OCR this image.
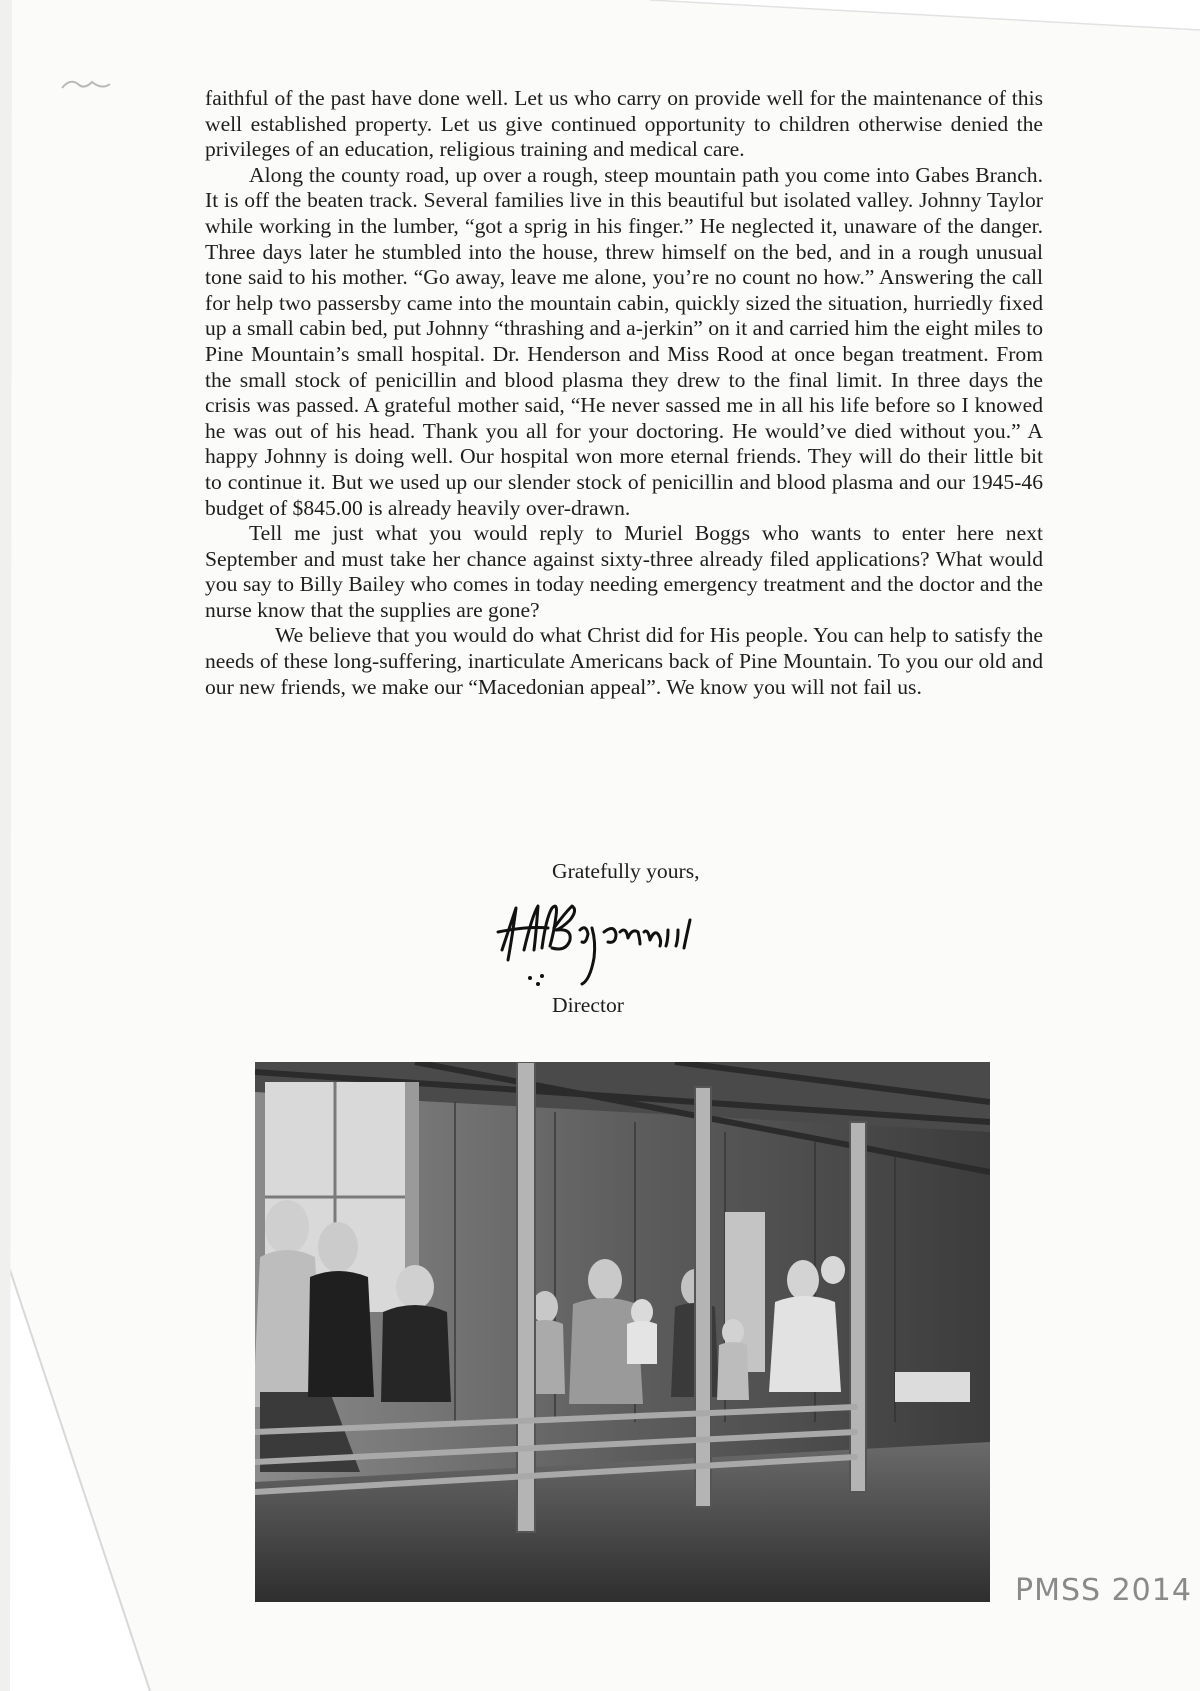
faithful of the past have done well. Let us who carry on provide well for the maintenance of this well established property. Let us give continued opportunity to children otherwise denied the privileges of an education, religious training and medical care.

Along the county road, up over a rough, steep mountain path you come into Gabes Branch. It is off the beaten track. Several families live in this beautiful but isolated valley. Johnny Taylor while working in the lumber, “got a sprig in his finger.” He neglected it, unaware of the danger. Three days later he stumbled into the house, threw himself on the bed, and in a rough unusual tone said to his mother. “Go away, leave me alone, you’re no count no how.” Answering the call for help two passersby came into the mountain cabin, quickly sized the situation, hurriedly fixed up a small cabin bed, put Johnny “thrashing and a-jerkin” on it and carried him the eight miles to Pine Mountain’s small hospital. Dr. Henderson and Miss Rood at once began treatment. From the small stock of penicillin and blood plasma they drew to the final limit. In three days the crisis was passed. A grateful mother said, “He never sassed me in all his life before so I knowed he was out of his head. Thank you all for your doctoring. He would’ve died without you.” A happy Johnny is doing well. Our hospital won more eternal friends. They will do their little bit to continue it. But we used up our slender stock of penicillin and blood plasma and our 1945-46 budget of $845.00 is already heavily over-drawn.

Tell me just what you would reply to Muriel Boggs who wants to enter here next September and must take her chance against sixty-three already filed applications? What would you say to Billy Bailey who comes in today needing emergency treatment and the doctor and the nurse know that the supplies are gone?

We believe that you would do what Christ did for His people. You can help to satisfy the needs of these long-suffering, inarticulate Americans back of Pine Mountain. To you our old and our new friends, we make our “Macedonian appeal”. We know you will not fail us.

Gratefully yours,
Director
PMSS 2014
